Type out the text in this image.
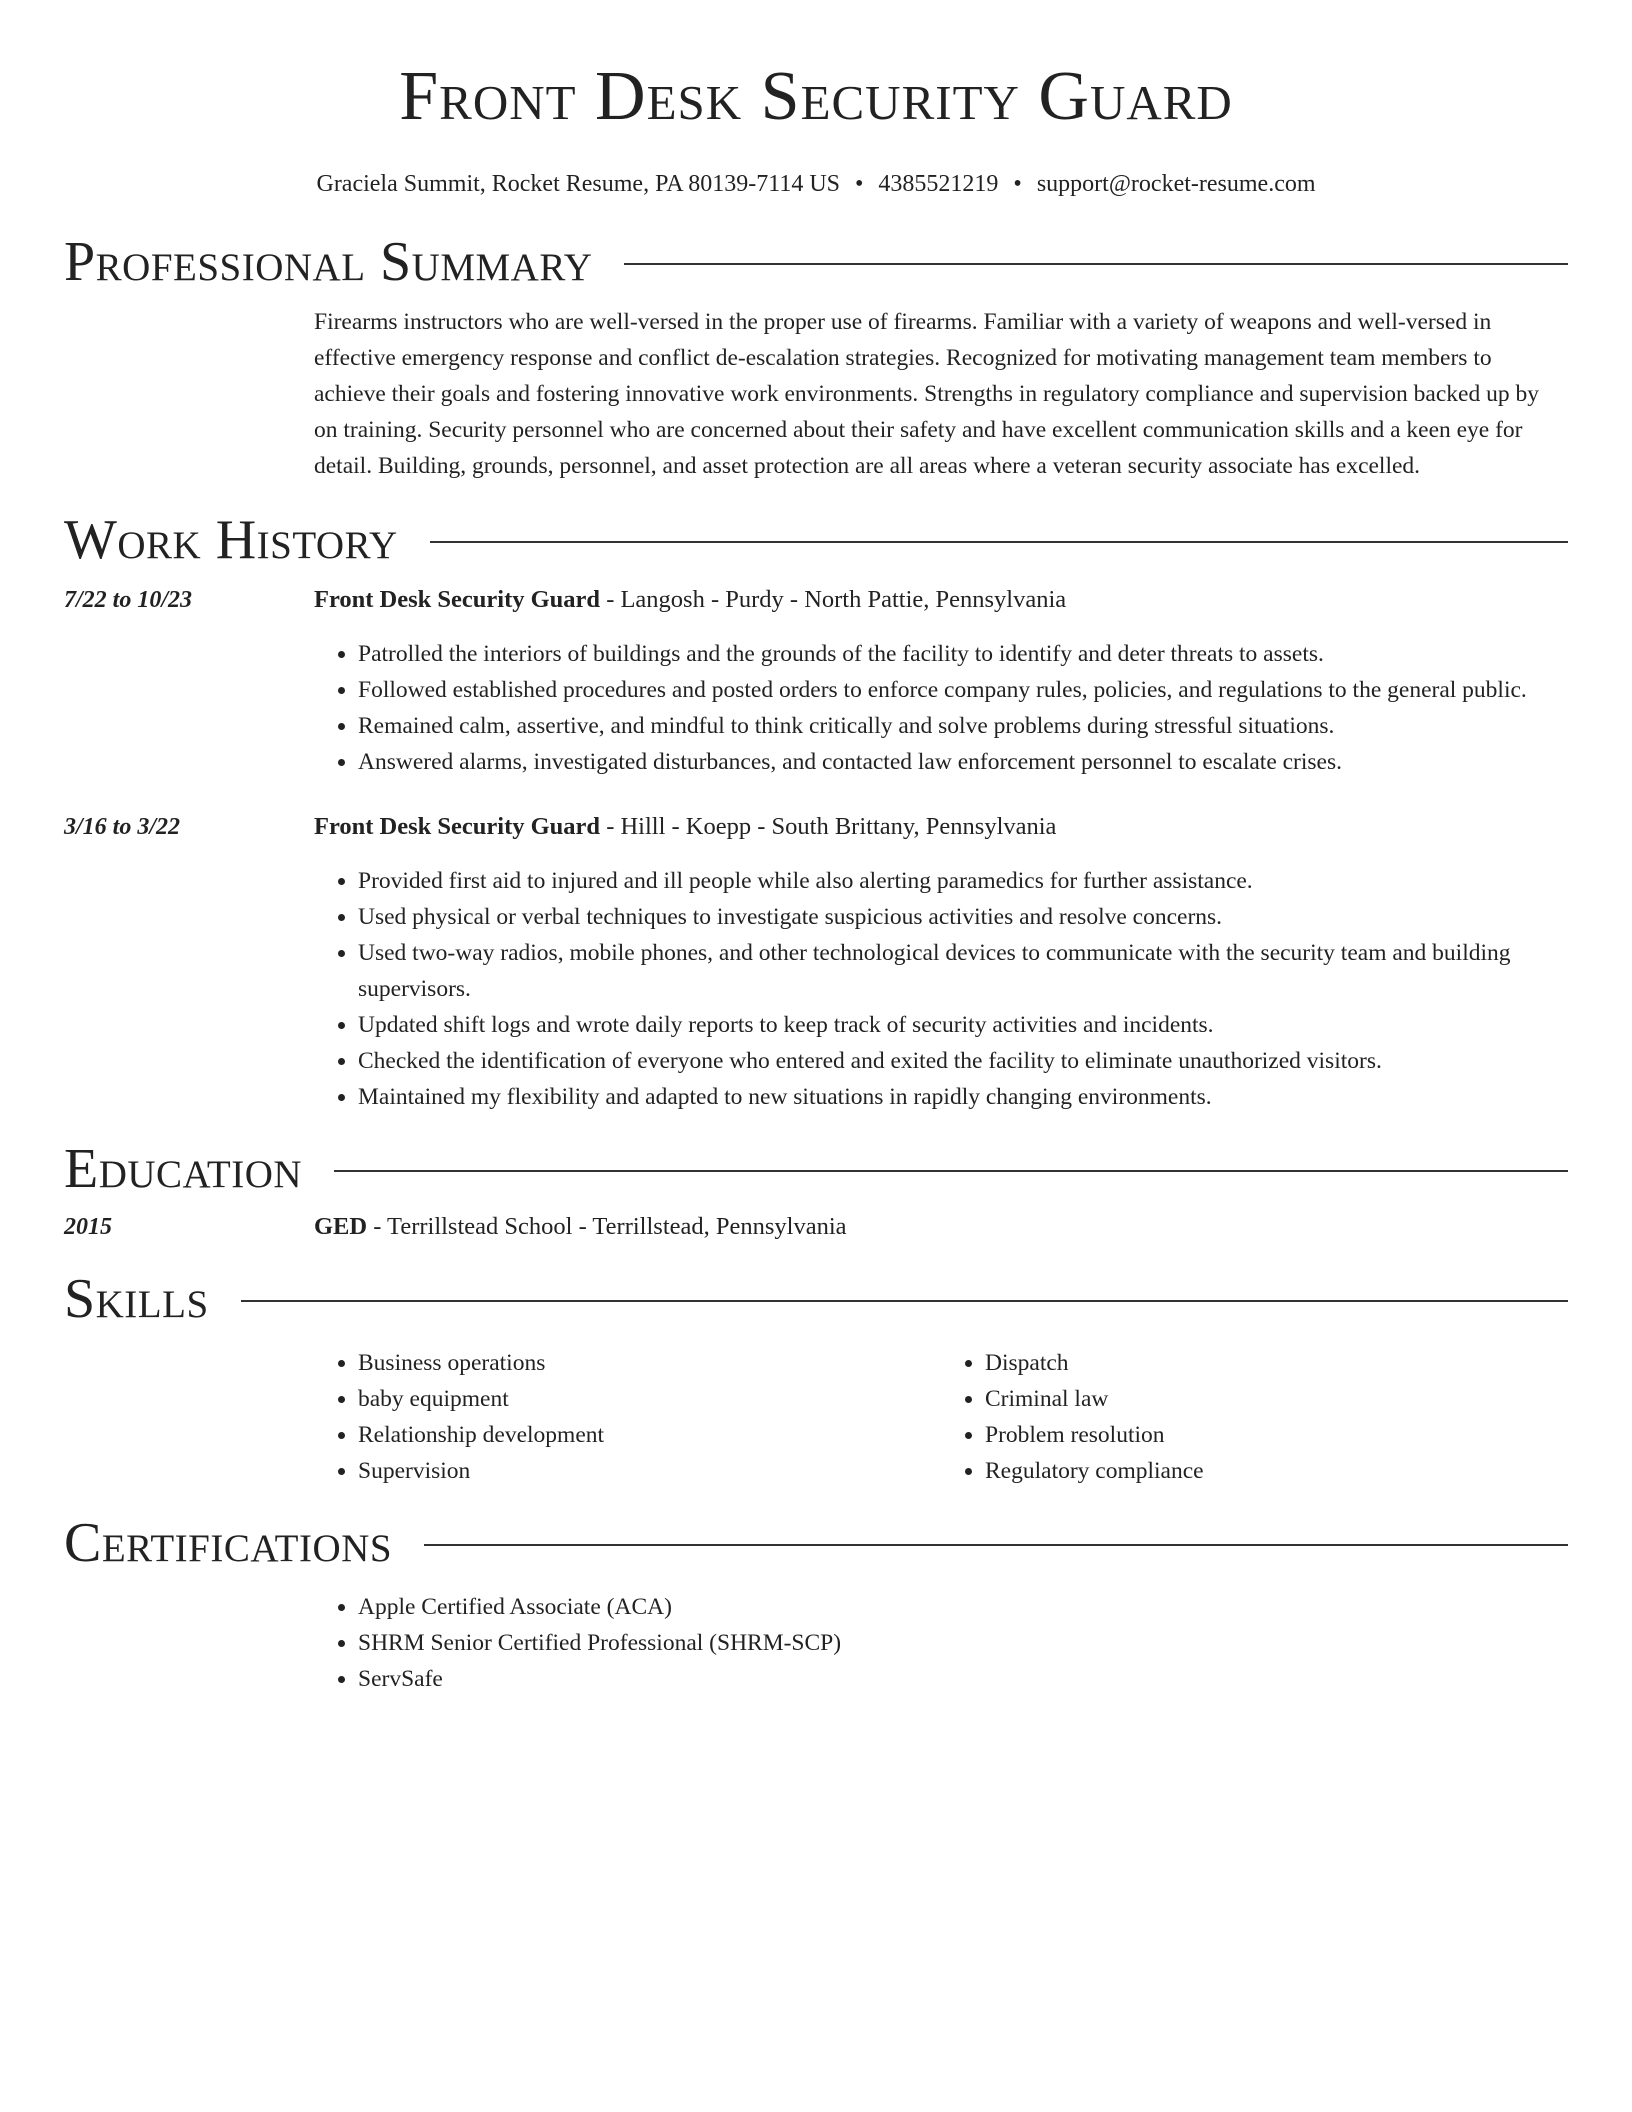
Front Desk Security Guard
Graciela Summit, Rocket Resume, PA 80139-7114 US • 4385521219 • support@rocket-resume.com
Professional Summary
Firearms instructors who are well-versed in the proper use of firearms. Familiar with a variety of weapons and well-versed in effective emergency response and conflict de-escalation strategies. Recognized for motivating management team members to achieve their goals and fostering innovative work environments. Strengths in regulatory compliance and supervision backed up by on training. Security personnel who are concerned about their safety and have excellent communication skills and a keen eye for detail. Building, grounds, personnel, and asset protection are all areas where a veteran security associate has excelled.
Work History
7/22 to 10/23	Front Desk Security Guard - Langosh - Purdy - North Pattie, Pennsylvania
• Patrolled the interiors of buildings and the grounds of the facility to identify and deter threats to assets.
• Followed established procedures and posted orders to enforce company rules, policies, and regulations to the general public.
• Remained calm, assertive, and mindful to think critically and solve problems during stressful situations.
• Answered alarms, investigated disturbances, and contacted law enforcement personnel to escalate crises.
3/16 to 3/22	Front Desk Security Guard - Hilll - Koepp - South Brittany, Pennsylvania
• Provided first aid to injured and ill people while also alerting paramedics for further assistance.
• Used physical or verbal techniques to investigate suspicious activities and resolve concerns.
• Used two-way radios, mobile phones, and other technological devices to communicate with the security team and building supervisors.
• Updated shift logs and wrote daily reports to keep track of security activities and incidents.
• Checked the identification of everyone who entered and exited the facility to eliminate unauthorized visitors.
• Maintained my flexibility and adapted to new situations in rapidly changing environments.
Education
2015	GED - Terrillstead School - Terrillstead, Pennsylvania
Skills
• Business operations
• baby equipment
• Relationship development
• Supervision
• Dispatch
• Criminal law
• Problem resolution
• Regulatory compliance
Certifications
• Apple Certified Associate (ACA)
• SHRM Senior Certified Professional (SHRM-SCP)
• ServSafe
